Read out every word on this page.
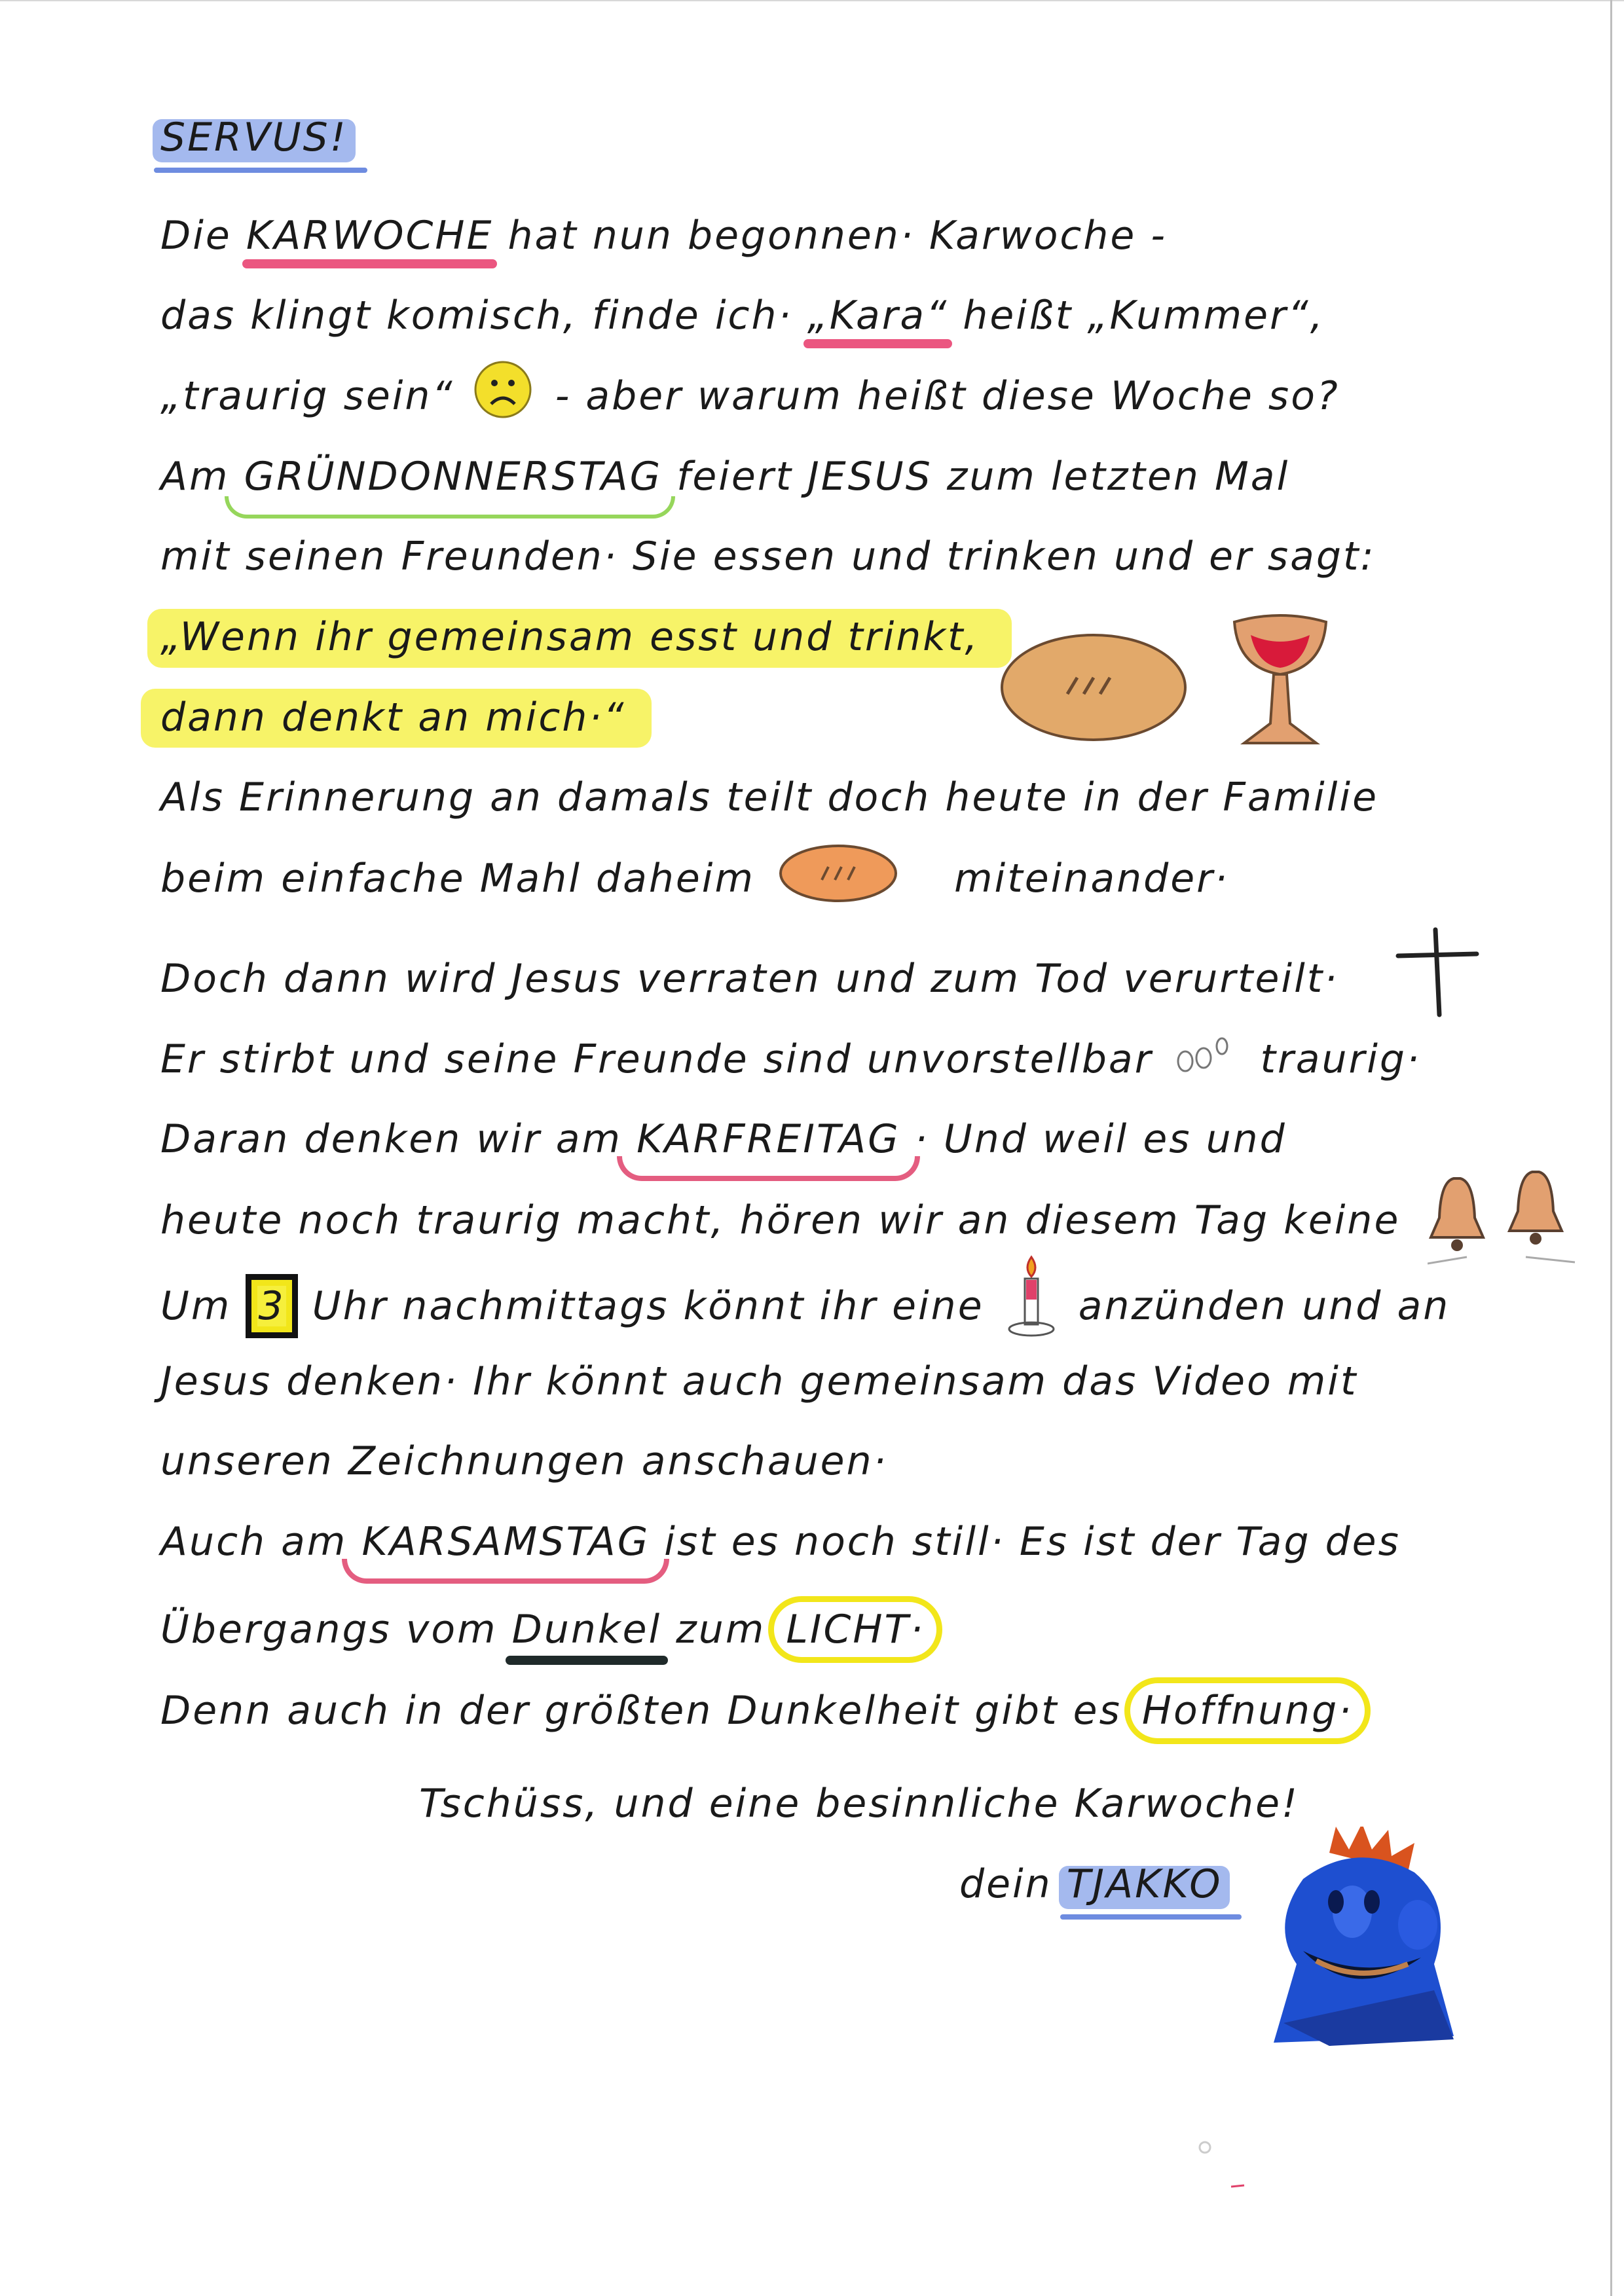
SERVUS!
Die KARWOCHE hat nun begonnen· Karwoche -
das klingt komisch, finde ich· „Kara“ heißt „Kummer“,
„traurig sein“	- aber warum heißt diese Woche so?
Am GRÜNDONNERSTAG feiert JESUS zum letzten Mal
mit seinen Freunden· Sie essen und trinken und er sagt:
„Wenn ihr gemeinsam esst und trinkt,
dann denkt an mich·“
Als Erinnerung an damals teilt doch heute in der Familie
beim einfache Mahl daheim	miteinander·
Doch dann wird Jesus verraten und zum Tod verurteilt·
Er stirbt und seine Freunde sind unvorstellbar	traurig·
Daran denken wir am KARFREITAG · Und weil es und
heute noch traurig macht, hören wir an diesem Tag keine
Um 3 Uhr nachmittags könnt ihr eine anzünden und an
Jesus denken· Ihr könnt auch gemeinsam das Video mit
unseren Zeichnungen anschauen·
Auch am KARSAMSTAG ist es noch still· Es ist der Tag des
Übergangs vom Dunkel zum LICHT·
Denn auch in der größten Dunkelheit gibt es Hoffnung·
Tschüss, und eine besinnliche Karwoche!
dein TJAKKO
